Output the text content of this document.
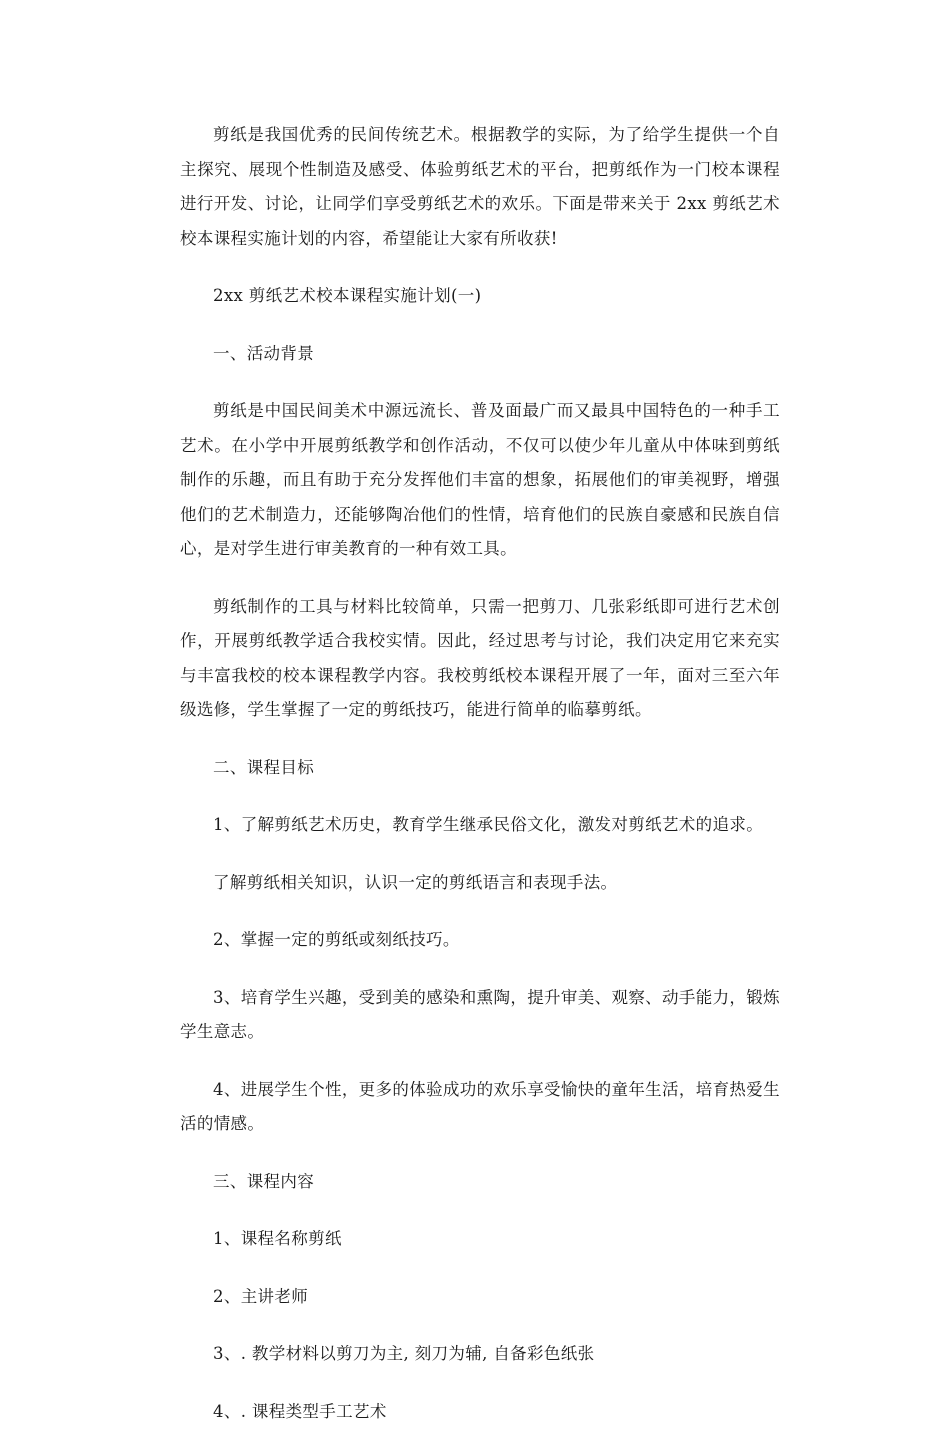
剪纸是我国优秀的民间传统艺术。根据教学的实际，为了给学生提供一个自主探究、展现个性制造及感受、体验剪纸艺术的平台，把剪纸作为一门校本课程进行开发、讨论，让同学们享受剪纸艺术的欢乐。下面是带来关于 2xx 剪纸艺术校本课程实施计划的内容，希望能让大家有所收获!

2xx 剪纸艺术校本课程实施计划(一)

一、活动背景

剪纸是中国民间美术中源远流长、普及面最广而又最具中国特色的一种手工艺术。在小学中开展剪纸教学和创作活动，不仅可以使少年儿童从中体味到剪纸制作的乐趣，而且有助于充分发挥他们丰富的想象，拓展他们的审美视野，增强他们的艺术制造力，还能够陶冶他们的性情，培育他们的民族自豪感和民族自信心，是对学生进行审美教育的一种有效工具。

剪纸制作的工具与材料比较简单，只需一把剪刀、几张彩纸即可进行艺术创作，开展剪纸教学适合我校实情。因此，经过思考与讨论，我们决定用它来充实与丰富我校的校本课程教学内容。我校剪纸校本课程开展了一年，面对三至六年级选修，学生掌握了一定的剪纸技巧，能进行简单的临摹剪纸。

二、课程目标

1、了解剪纸艺术历史，教育学生继承民俗文化，激发对剪纸艺术的追求。

了解剪纸相关知识，认识一定的剪纸语言和表现手法。

2、掌握一定的剪纸或刻纸技巧。

3、培育学生兴趣，受到美的感染和熏陶，提升审美、观察、动手能力，锻炼学生意志。

4、进展学生个性，更多的体验成功的欢乐享受愉快的童年生活，培育热爱生活的情感。

三、课程内容

1、课程名称剪纸

2、主讲老师

3、. 教学材料以剪刀为主, 刻刀为辅, 自备彩色纸张

4、. 课程类型手工艺术
